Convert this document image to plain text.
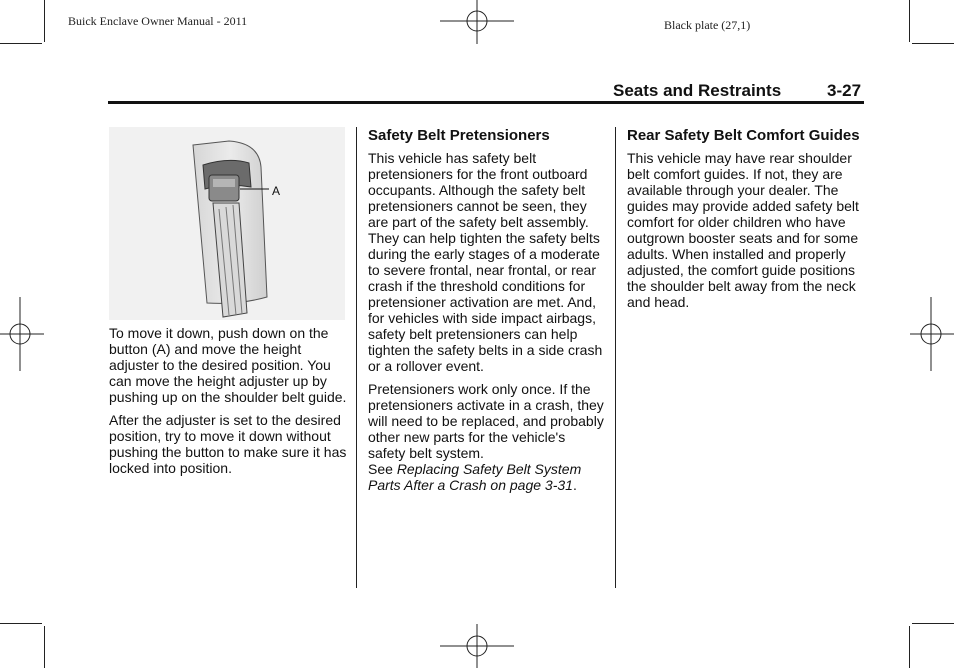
Buick Enclave Owner Manual - 2011	Black plate (27,1)
Seats and Restraints	3-27
A

To move it down, push down on the button (A) and move the height adjuster to the desired position. You can move the height adjuster up by pushing up on the shoulder belt guide.

After the adjuster is set to the desired position, try to move it down without pushing the button to make sure it has locked into position.

Safety Belt Pretensioners

This vehicle has safety belt pretensioners for the front outboard occupants. Although the safety belt pretensioners cannot be seen, they are part of the safety belt assembly. They can help tighten the safety belts during the early stages of a moderate to severe frontal, near frontal, or rear crash if the threshold conditions for pretensioner activation are met. And, for vehicles with side impact airbags, safety belt pretensioners can help tighten the safety belts in a side crash or a rollover event.

Pretensioners work only once. If the pretensioners activate in a crash, they will need to be replaced, and probably other new parts for the vehicle's safety belt system.
See Replacing Safety Belt System Parts After a Crash on page 3-31.

Rear Safety Belt Comfort Guides

This vehicle may have rear shoulder belt comfort guides. If not, they are available through your dealer. The guides may provide added safety belt comfort for older children who have outgrown booster seats and for some adults. When installed and properly adjusted, the comfort guide positions the shoulder belt away from the neck and head.
